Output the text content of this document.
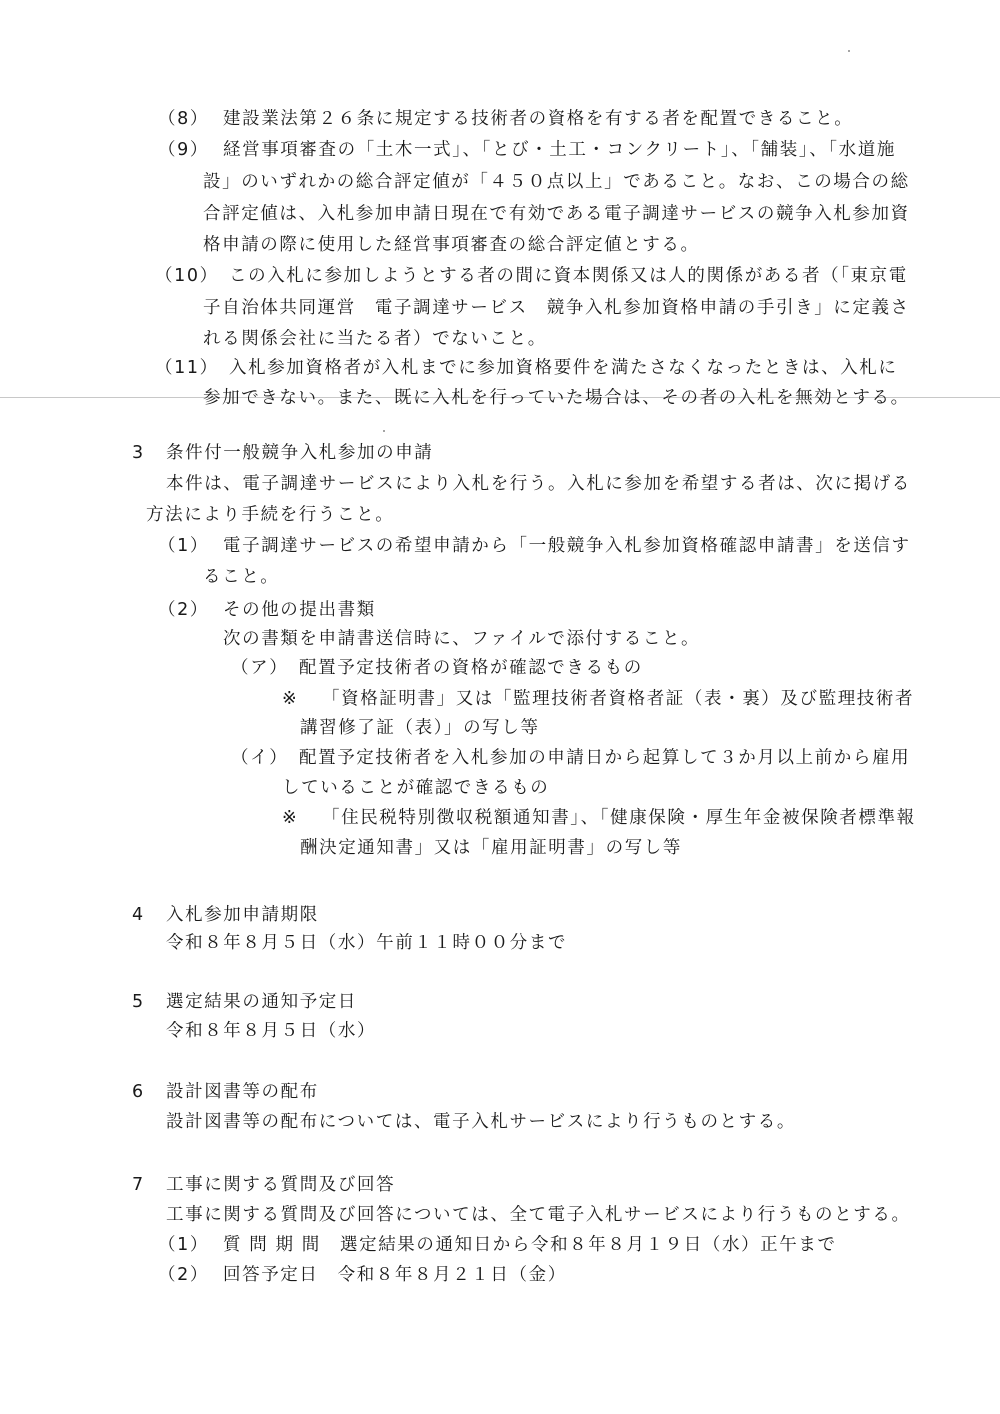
（8） 建設業法第２６条に規定する技術者の資格を有する者を配置できること。
（9） 経営事項審査の「土木一式」、「とび・土工・コンクリート」、「舗装」、「水道施
設」のいずれかの総合評定値が「４５０点以上」であること。なお、この場合の総
合評定値は、入札参加申請日現在で有効である電子調達サービスの競争入札参加資
格申請の際に使用した経営事項審査の総合評定値とする。
（10） この入札に参加しようとする者の間に資本関係又は人的関係がある者（「東京電
子自治体共同運営　電子調達サービス　競争入札参加資格申請の手引き」に定義さ
れる関係会社に当たる者）でないこと。
（11） 入札参加資格者が入札までに参加資格要件を満たさなくなったときは、入札に
参加できない。また、既に入札を行っていた場合は、その者の入札を無効とする。
3 条件付一般競争入札参加の申請
本件は、電子調達サービスにより入札を行う。入札に参加を希望する者は、次に掲げる
方法により手続を行うこと。
（1） 電子調達サービスの希望申請から「一般競争入札参加資格確認申請書」を送信す
ること。
（2） その他の提出書類
次の書類を申請書送信時に、ファイルで添付すること。
（ア） 配置予定技術者の資格が確認できるもの
※ 「資格証明書」又は「監理技術者資格者証（表・裏）及び監理技術者
講習修了証（表）」の写し等
（イ） 配置予定技術者を入札参加の申請日から起算して３か月以上前から雇用
していることが確認できるもの
※ 「住民税特別徴収税額通知書」、「健康保険・厚生年金被保険者標準報
酬決定通知書」又は「雇用証明書」の写し等
4 入札参加申請期限
令和８年８月５日（水）午前１１時００分まで
5 選定結果の通知予定日
令和８年８月５日（水）
6 設計図書等の配布
設計図書等の配布については、電子入札サービスにより行うものとする。
7 工事に関する質問及び回答
工事に関する質問及び回答については、全て電子入札サービスにより行うものとする。
（1） 質 問 期 間　選定結果の通知日から令和８年８月１９日（水）正午まで
（2） 回答予定日　令和８年８月２１日（金）
